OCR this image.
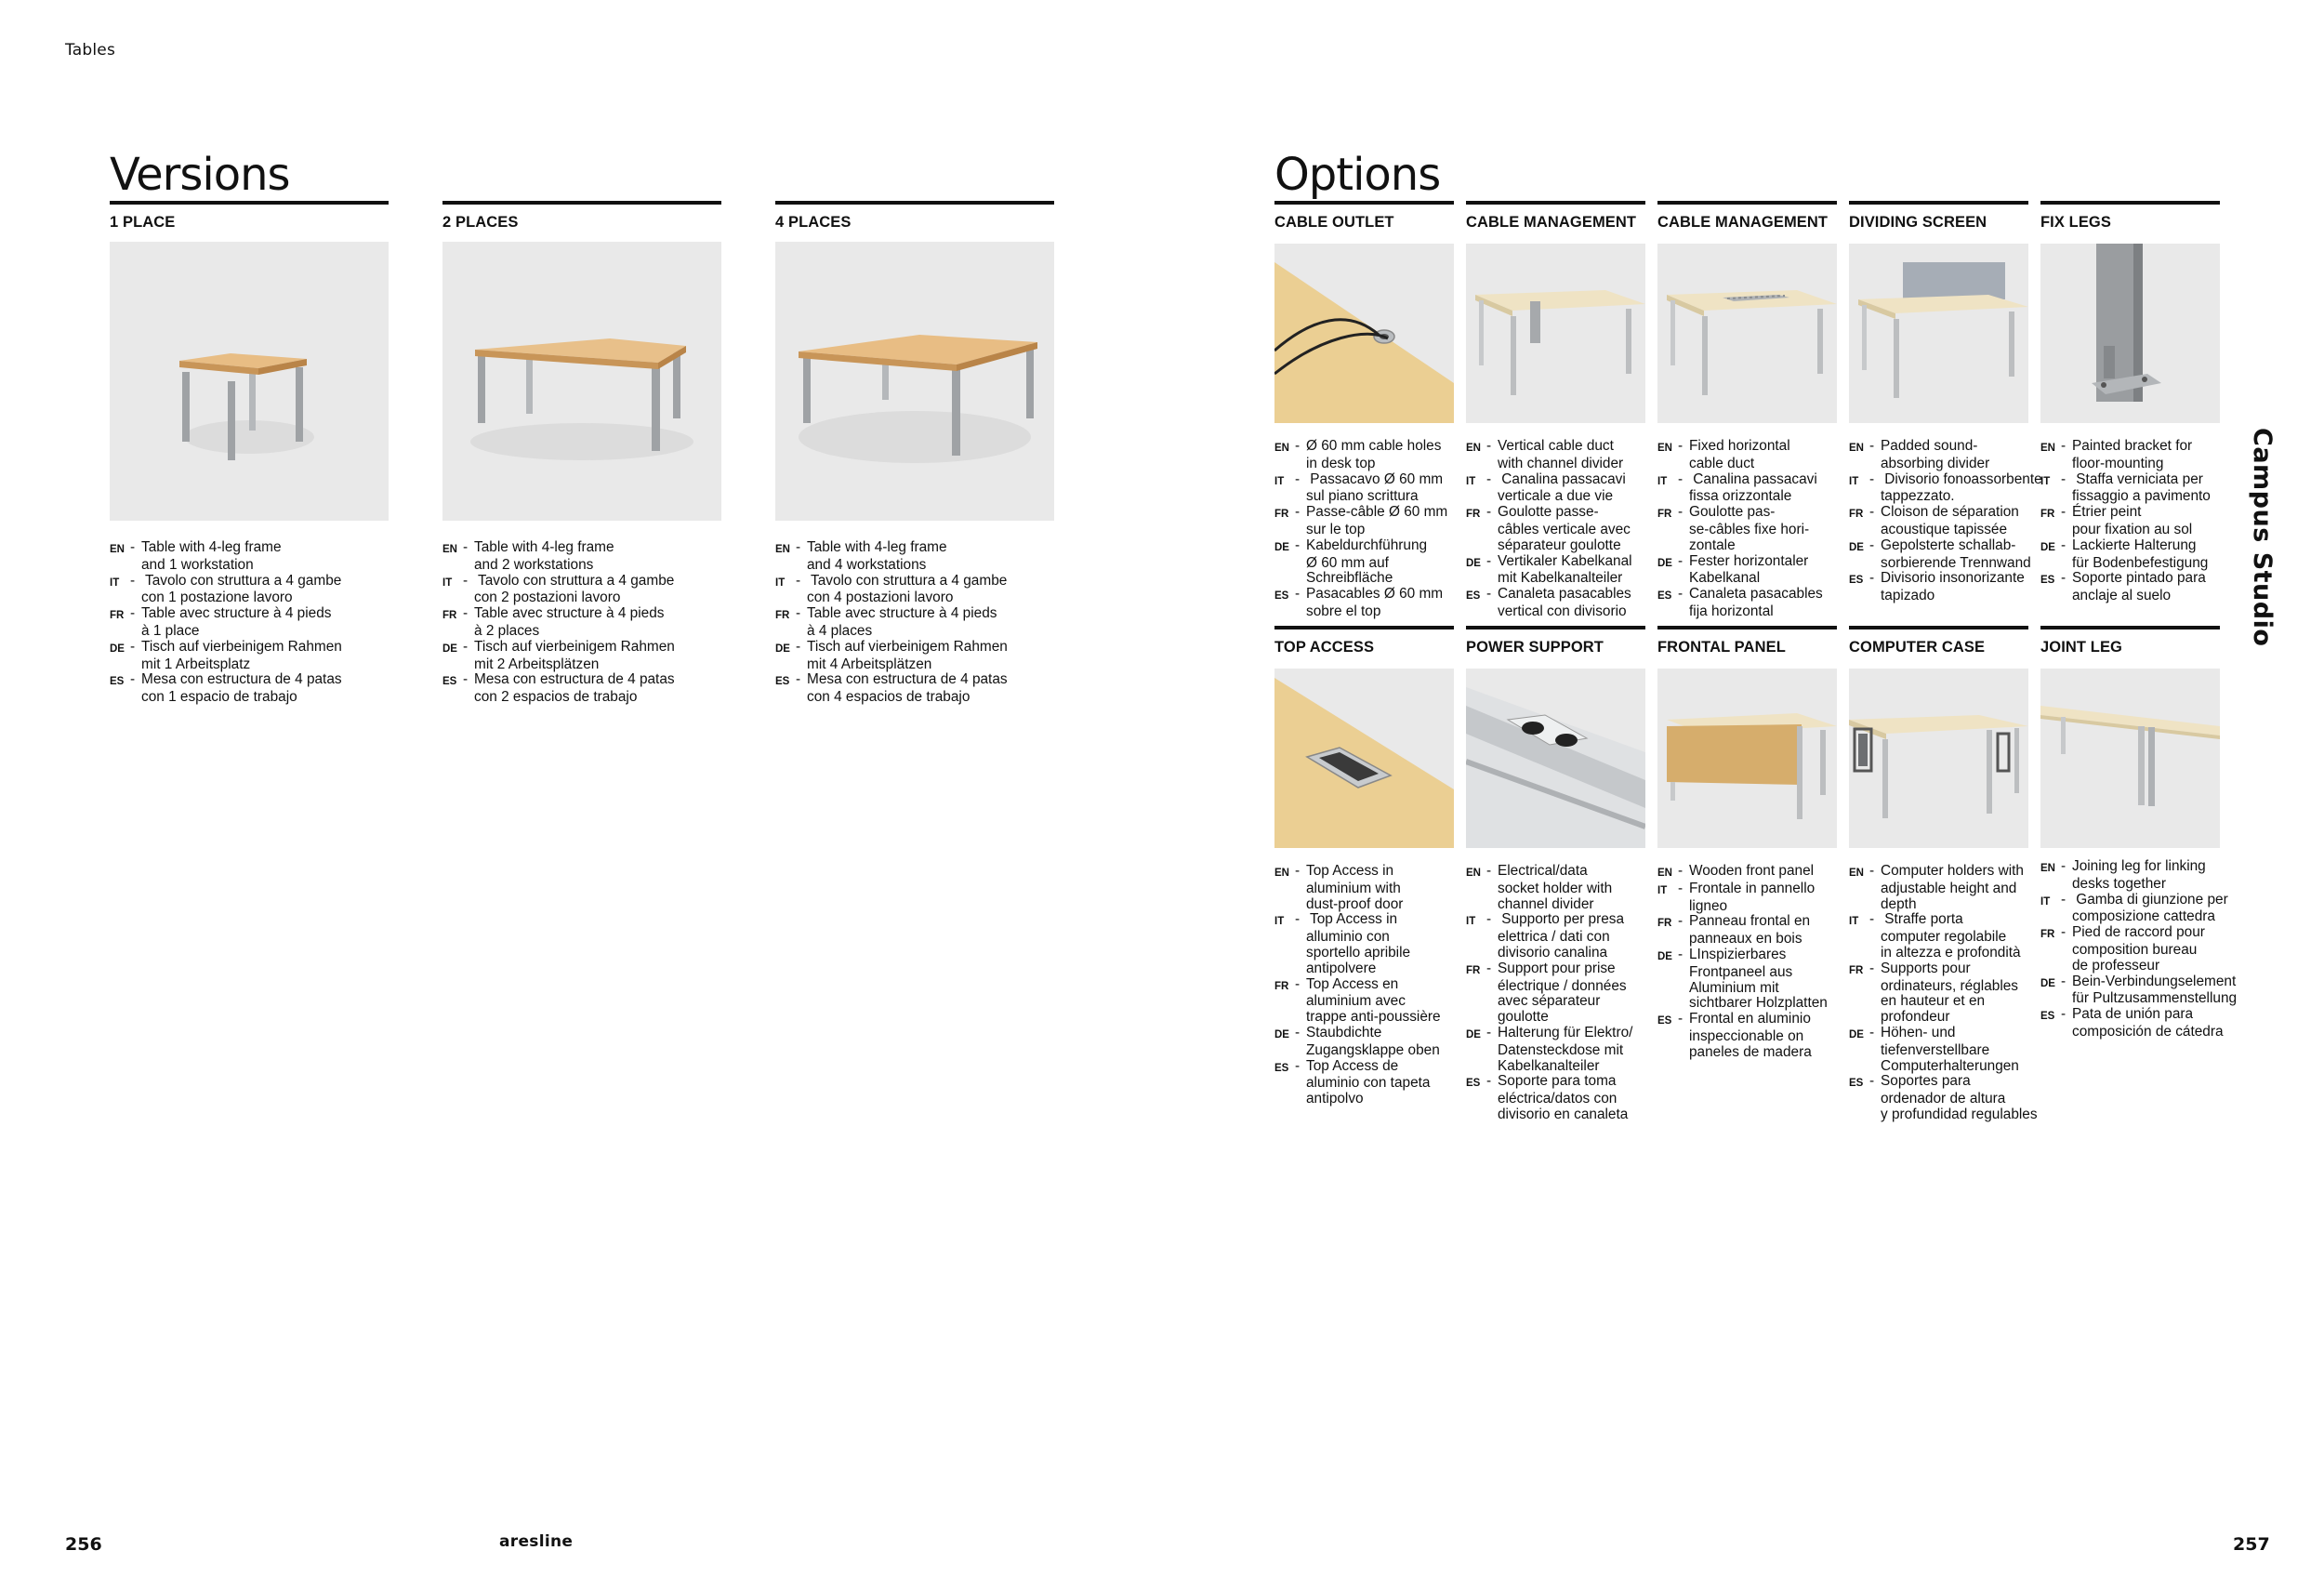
Tables
Versions
1 PLACE	2 PLACES	4 PLACES
EN - Table with 4-leg frame
and 1 workstation
IT - Tavolo con struttura a 4 gambe
con 1 postazione lavoro
FR - Table avec structure à 4 pieds
à 1 place
DE - Tisch auf vierbeinigem Rahmen
mit 1 Arbeitsplatz
ES - Mesa con estructura de 4 patas
con 1 espacio de trabajo
EN - Table with 4-leg frame
and 2 workstations
IT - Tavolo con struttura a 4 gambe
con 2 postazioni lavoro
FR - Table avec structure à 4 pieds
à 2 places
DE - Tisch auf vierbeinigem Rahmen
mit 2 Arbeitsplätzen
ES - Mesa con estructura de 4 patas
con 2 espacios de trabajo
EN - Table with 4-leg frame
and 4 workstations
IT - Tavolo con struttura a 4 gambe
con 4 postazioni lavoro
FR - Table avec structure à 4 pieds
à 4 places
DE - Tisch auf vierbeinigem Rahmen
mit 4 Arbeitsplätzen
ES - Mesa con estructura de 4 patas
con 4 espacios de trabajo
Options
CABLE OUTLET	CABLE MANAGEMENT	CABLE MANAGEMENT	DIVIDING SCREEN	FIX LEGS
EN - Ø 60 mm cable holes
in desk top
IT - Passacavo Ø 60 mm
sul piano scrittura
FR - Passe-câble Ø 60 mm
sur le top
DE - Kabeldurchführung
Ø 60 mm auf
Schreibfläche
ES - Pasacables Ø 60 mm
sobre el top
EN - Vertical cable duct
with channel divider
IT - Canalina passacavi
verticale a due vie
FR - Goulotte passe-
câbles verticale avec
séparateur goulotte
DE - Vertikaler Kabelkanal
mit Kabelkanalteiler
ES - Canaleta pasacables
vertical con divisorio
EN - Fixed horizontal
cable duct
IT - Canalina passacavi
fissa orizzontale
FR - Goulotte pas-
se-câbles fixe hori-
zontale
DE - Fester horizontaler
Kabelkanal
ES - Canaleta pasacables
fija horizontal
EN - Padded sound-
absorbing divider
IT - Divisorio fonoassorbente
tappezzato.
FR - Cloison de séparation
acoustique tapissée
DE - Gepolsterte schallab-
sorbierende Trennwand
ES - Divisorio insonorizante
tapizado
EN - Painted bracket for
floor-mounting
IT - Staffa verniciata per
fissaggio a pavimento
FR - Étrier peint
pour fixation au sol
DE - Lackierte Halterung
für Bodenbefestigung
ES - Soporte pintado para
anclaje al suelo
TOP ACCESS	POWER SUPPORT	FRONTAL PANEL	COMPUTER CASE	JOINT LEG
EN - Top Access in
aluminium with
dust-proof door
IT - Top Access in
alluminio con
sportello apribile
antipolvere
FR - Top Access en
aluminium avec
trappe anti-poussière
DE - Staubdichte
Zugangsklappe oben
ES - Top Access de
aluminio con tapeta
antipolvo
EN - Electrical/data
socket holder with
channel divider
IT - Supporto per presa
elettrica / dati con
divisorio canalina
FR - Support pour prise
électrique / données
avec séparateur
goulotte
DE - Halterung für Elektro/
Datensteckdose mit
Kabelkanalteiler
ES - Soporte para toma
eléctrica/datos con
divisorio en canaleta
EN - Wooden front panel
IT - Frontale in pannello
ligneo
FR - Panneau frontal en
panneaux en bois
DE - LInspizierbares
Frontpaneel aus
Aluminium mit
sichtbarer Holzplatten
ES - Frontal en aluminio
inspeccionable on
paneles de madera
EN - Computer holders with
adjustable height and
depth
IT - Straffe porta
computer regolabile
in altezza e profondità
FR - Supports pour
ordinateurs, réglables
en hauteur et en
profondeur
DE - Höhen- und
tiefenverstellbare
Computerhalterungen
ES - Soportes para
ordenador de altura
y profundidad regulables
EN - Joining leg for linking
desks together
IT - Gamba di giunzione per
composizione cattedra
FR - Pied de raccord pour
composition bureau
de professeur
DE - Bein-Verbindungselement
für Pultzusammenstellung
ES - Pata de unión para
composición de cátedra
Campus Studio
256	aresline	257
